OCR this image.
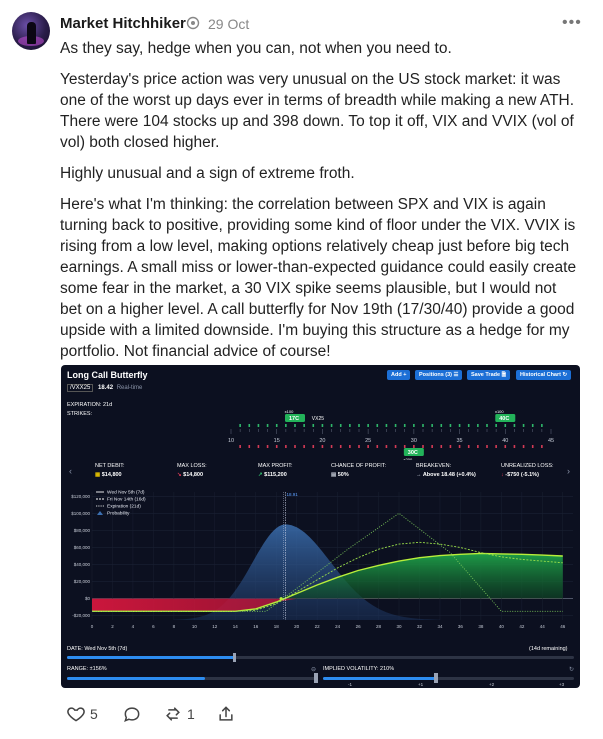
Market Hitchhiker 29 Oct	•••

As they say, hedge when you can, not when you need to.

Yesterday's price action was very unusual on the US stock market: it was one of the worst up days ever in terms of breadth while making a new ATH. There were 104 stocks up and 398 down. To top it off, VIX and VVIX (vol of vol) both closed higher.

Highly unusual and a sign of extreme froth.

Here's what I'm thinking: the correlation between SPX and VIX is again turning back to positive, providing some kind of floor under the VIX. VVIX is rising from a low level, making options relatively cheap just before big tech earnings. A small miss or lower-than-expected guidance could easily create some fear in the market, a 30 VIX spike seems plausible, but I would not bet on a higher level. A call butterfly for Nov 19th (17/30/40) provide a good upside with a limited downside. I'm buying this structure as a hedge for my portfolio. Not financial advice of course!

Long Call Butterfly	Add +	Positions (3) ☰	Save Trade 🗎	Historical Chart ↻
/VXX25 18.42 Real-time
EXPIRATION: 21d
STRIKES:
10	15	20	25	30	35	40	45
17C
x100
30C
x200
40C
x100
VX25
NET DEBIT:
▦ $14,800
MAX LOSS:
↘ $14,800
MAX PROFIT:
↗ $115,200
CHANCE OF PROFIT:
▤ 50%
BREAKEVEN:
→ Above 18.48 (+0.4%)
UNREALIZED LOSS:
↓ -$750 (-5.1%)
‹	›
$120,000
$100,000
$80,000
$60,000
$40,000
$20,000
$0
-$20,000
0	2	4	6	8	10	12	14	16	18	20	22	24	26	28	30	32	34	36	38	40	42	44	46
18.91
Wed Nov 5th (7d)
Fri Nov 14th (16d)
Expiration (21d)
Probability
DATE: Wed Nov 5th (7d)	(14d remaining)
RANGE: ±156%	⊖ IMPLIED VOLATILITY: 210%	↻
-1	+1	+2	+3
5	1
